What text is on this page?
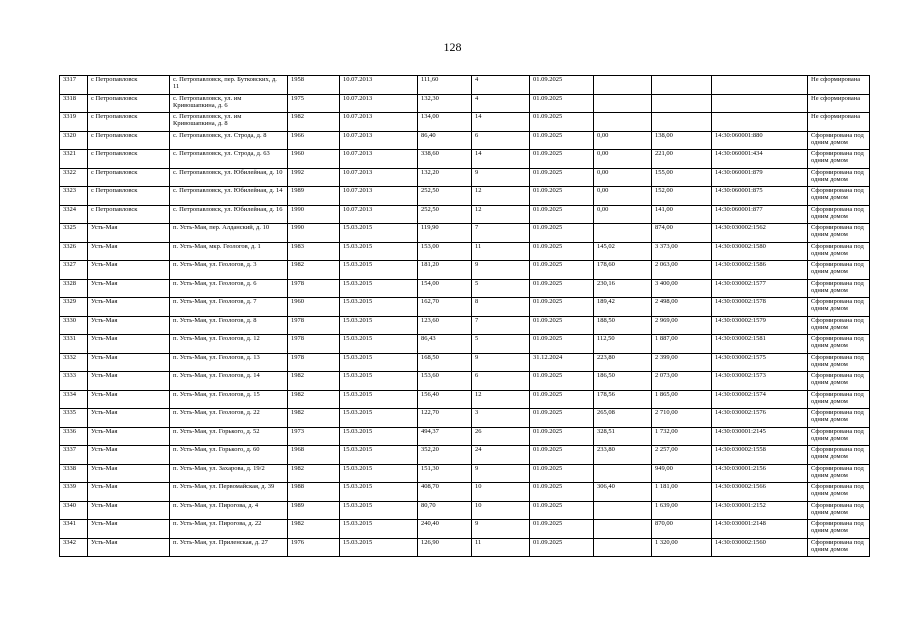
128
3317	с Петропавловск	с. Петропавловск, пер. Бутковских, д. 11	1958	10.07.2013	111,60	4	01.09.2025				Не сформирована
3318	с Петропавловск	с. Петропавловск, ул. им Кривошапкина, д. 6	1975	10.07.2013	132,30	4	01.09.2025				Не сформирована
3319	с Петропавловск	с. Петропавловск, ул. им Кривошапкина, д. 8	1982	10.07.2013	134,00	14	01.09.2025				Не сформирована
3320	с Петропавловск	с. Петропавловск, ул. Строда, д. 8	1966	10.07.2013	86,40	6	01.09.2025	0,00	138,00	14:30:060001:880	Сформирована под одним домом
3321	с Петропавловск	с. Петропавловск, ул. Строда, д. 63	1960	10.07.2013	338,60	14	01.09.2025	0,00	221,00	14:30:060001:434	Сформирована под одним домом
3322	с Петропавловск	с. Петропавловск, ул. Юбилейная, д. 10	1992	10.07.2013	132,20	9	01.09.2025	0,00	155,00	14:30:060001:879	Сформирована под одним домом
3323	с Петропавловск	с. Петропавловск, ул. Юбилейная, д. 14	1989	10.07.2013	252,50	12	01.09.2025	0,00	152,00	14:30:060001:875	Сформирована под одним домом
3324	с Петропавловск	с. Петропавловск, ул. Юбилейная, д. 16	1990	10.07.2013	252,50	12	01.09.2025	0,00	141,00	14:30:060001:877	Сформирована под одним домом
3325	Усть-Мая	п. Усть-Мая, пер. Алданский, д. 10	1990	15.03.2015	119,90	7	01.09.2025		874,00	14:30:030002:1562	Сформирована под одним домом
3326	Усть-Мая	п. Усть-Мая, мкр. Геологов, д. 1	1983	15.03.2015	153,00	11	01.09.2025	145,02	3 373,00	14:30:030002:1580	Сформирована под одним домом
3327	Усть-Мая	п. Усть-Мая, ул. Геологов, д. 3	1982	15.03.2015	181,20	9	01.09.2025	178,60	2 063,00	14:30:030002:1586	Сформирована под одним домом
3328	Усть-Мая	п. Усть-Мая, ул. Геологов, д. 6	1978	15.03.2015	154,00	5	01.09.2025	230,16	3 400,00	14:30:030002:1577	Сформирована под одним домом
3329	Усть-Мая	п. Усть-Мая, ул. Геологов, д. 7	1960	15.03.2015	162,70	8	01.09.2025	189,42	2 498,00	14:30:030002:1578	Сформирована под одним домом
3330	Усть-Мая	п. Усть-Мая, ул. Геологов, д. 8	1978	15.03.2015	123,60	7	01.09.2025	188,50	2 969,00	14:30:030002:1579	Сформирована под одним домом
3331	Усть-Мая	п. Усть-Мая, ул. Геологов, д. 12	1978	15.03.2015	86,43	5	01.09.2025	112,50	1 887,00	14:30:030002:1581	Сформирована под одним домом
3332	Усть-Мая	п. Усть-Мая, ул. Геологов, д. 13	1978	15.03.2015	168,50	9	31.12.2024	223,80	2 399,00	14:30:030002:1575	Сформирована под одним домом
3333	Усть-Мая	п. Усть-Мая, ул. Геологов, д. 14	1982	15.03.2015	153,60	6	01.09.2025	186,50	2 073,00	14:30:030002:1573	Сформирована под одним домом
3334	Усть-Мая	п. Усть-Мая, ул. Геологов, д. 15	1982	15.03.2015	156,40	12	01.09.2025	178,56	1 865,00	14:30:030002:1574	Сформирована под одним домом
3335	Усть-Мая	п. Усть-Мая, ул. Геологов, д. 22	1982	15.03.2015	122,70	3	01.09.2025	265,08	2 710,00	14:30:030002:1576	Сформирована под одним домом
3336	Усть-Мая	п. Усть-Мая, ул. Горького, д. 52	1973	15.03.2015	494,37	26	01.09.2025	328,51	1 732,00	14:30:030001:2145	Сформирована под одним домом
3337	Усть-Мая	п. Усть-Мая, ул. Горького, д. 60	1968	15.03.2015	352,20	24	01.09.2025	233,80	2 257,00	14:30:030002:1558	Сформирована под одним домом
3338	Усть-Мая	п. Усть-Мая, ул. Захарова, д. 19/2	1982	15.03.2015	151,30	9	01.09.2025		949,00	14:30:030001:2156	Сформирована под одним домом
3339	Усть-Мая	п. Усть-Мая, ул. Первомайская, д. 39	1988	15.03.2015	408,70	10	01.09.2025	306,40	1 181,00	14:30:030002:1566	Сформирована под одним домом
3340	Усть-Мая	п. Усть-Мая, ул. Пирогова, д. 4	1989	15.03.2015	80,70	10	01.09.2025		1 639,00	14:30:030001:2152	Сформирована под одним домом
3341	Усть-Мая	п. Усть-Мая, ул. Пирогова, д. 22	1982	15.03.2015	240,40	9	01.09.2025		870,00	14:30:030001:2148	Сформирована под одним домом
3342	Усть-Мая	п. Усть-Мая, ул. Приленская, д. 27	1976	15.03.2015	126,90	11	01.09.2025		1 320,00	14:30:030002:1560	Сформирована под одним домом
